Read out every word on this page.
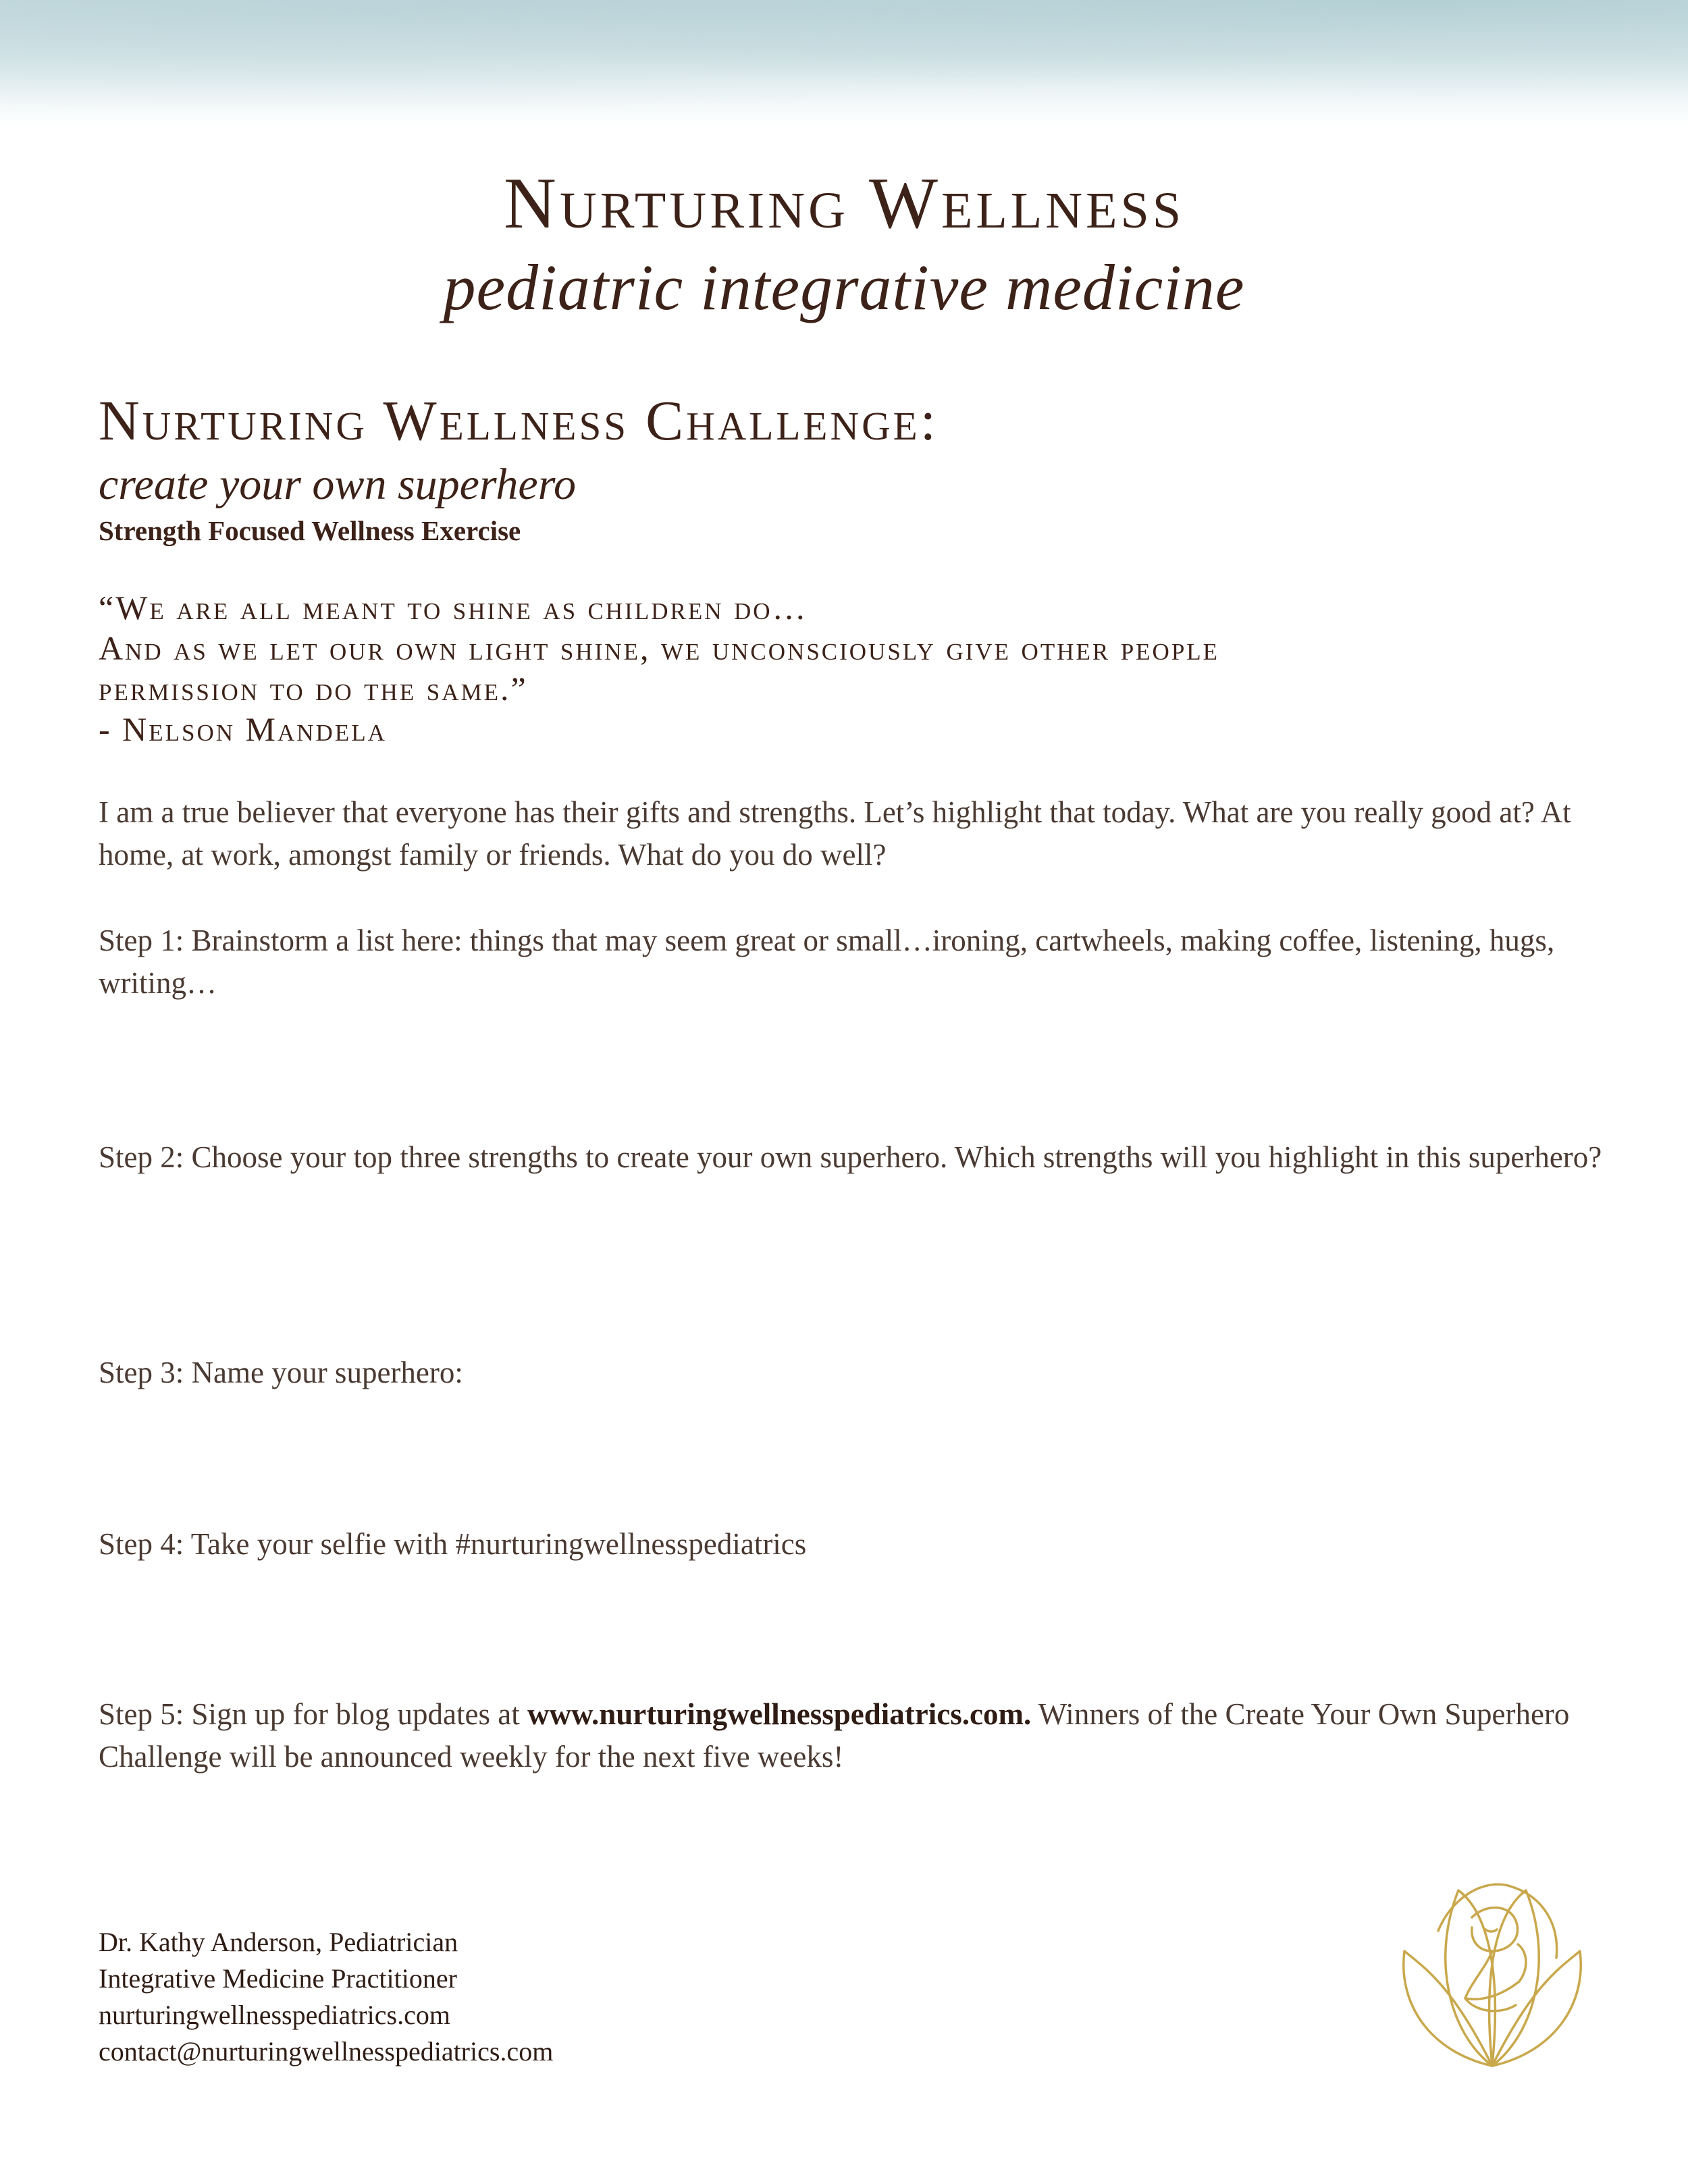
Nurturing Wellness
pediatric integrative medicine
Nurturing Wellness Challenge:
create your own superhero
Strength Focused Wellness Exercise
“We are all meant to shine as children do…
And as we let our own light shine, we unconsciously give other people
permission to do the same.”
- Nelson Mandela
I am a true believer that everyone has their gifts and strengths. Let’s highlight that today. What are you really good at? At home, at work, amongst family or friends. What do you do well?
Step 1: Brainstorm a list here: things that may seem great or small…ironing, cartwheels, making coffee, listening, hugs, writing…
Step 2: Choose your top three strengths to create your own superhero. Which strengths will you highlight in this superhero?
Step 3: Name your superhero:
Step 4: Take your selfie with #nurturingwellnesspediatrics
Step 5: Sign up for blog updates at www.nurturingwellnesspediatrics.com. Winners of the Create Your Own Superhero Challenge will be announced weekly for the next five weeks!
Dr. Kathy Anderson, Pediatrician
Integrative Medicine Practitioner
nurturingwellnesspediatrics.com
contact@nurturingwellnesspediatrics.com
